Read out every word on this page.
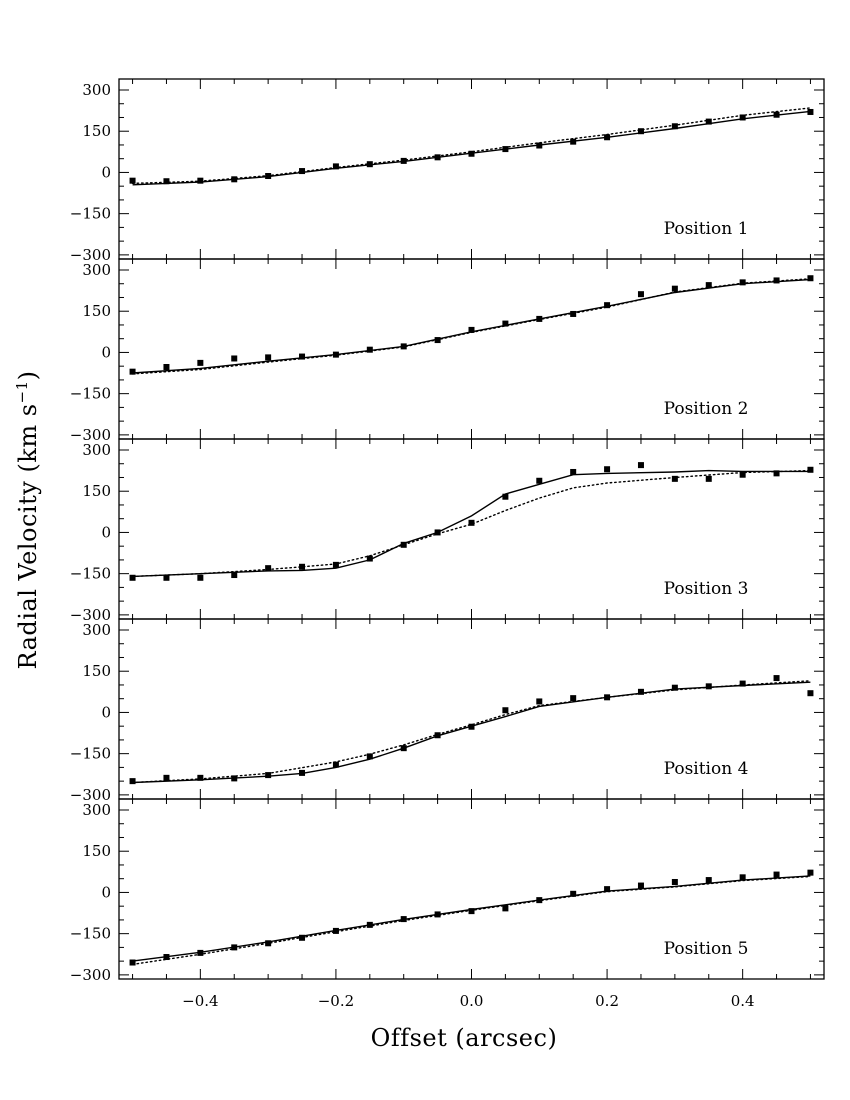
300
150
0
−150
−300
Position 1
300
150
0
−150
−300
Position 2
300
150
0
−150
−300
Position 3
300
150
0
−150
−300
Position 4
300
150
0
−150
−300
Position 5
−0.4	−0.2	0.0	0.2	0.4
Radial Velocity (km $s^{-1}$)
Offset (arcsec)
